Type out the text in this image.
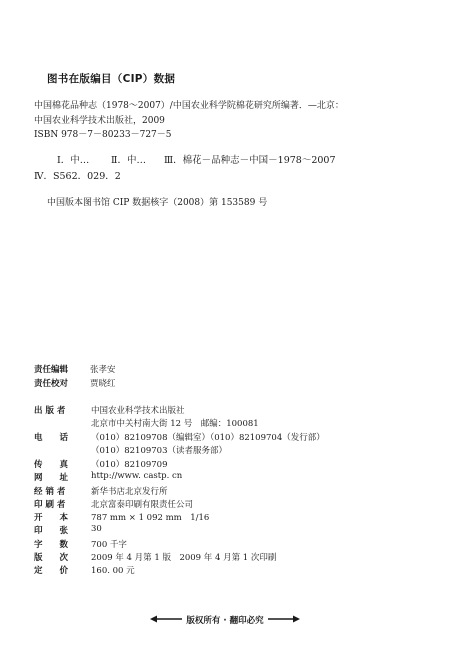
图书在版编目（CIP）数据
中国棉花品种志（1978～2007）/中国农业科学院棉花研究所编著．—北京：
中国农业科学技术出版社，2009
ISBN 978－7－80233－727－5
Ⅰ．中… Ⅱ．中… Ⅲ．棉花－品种志－中国－1978～2007
Ⅳ．S562．029．2
中国版本图书馆 CIP 数据核字（2008）第 153589 号
责任编辑	张孝安
责任校对	贾晓红
出 版 者	中国农业科学技术出版社
北京市中关村南大街 12 号　邮编：100081
电　　话	（010）82109708（编辑室）（010）82109704（发行部）
（010）82109703（读者服务部）
传　　真	（010）82109709
网　　址	http://www. castp. cn
经 销 者	新华书店北京发行所
印 刷 者	北京富泰印刷有限责任公司
开　　本	787 mm × 1 092 mm　1/16
印　　张	30
字　　数	700 千字
版　　次	2009 年 4 月第 1 版　2009 年 4 月第 1 次印刷
定　　价	160. 00 元
版权所有 · 翻印必究
